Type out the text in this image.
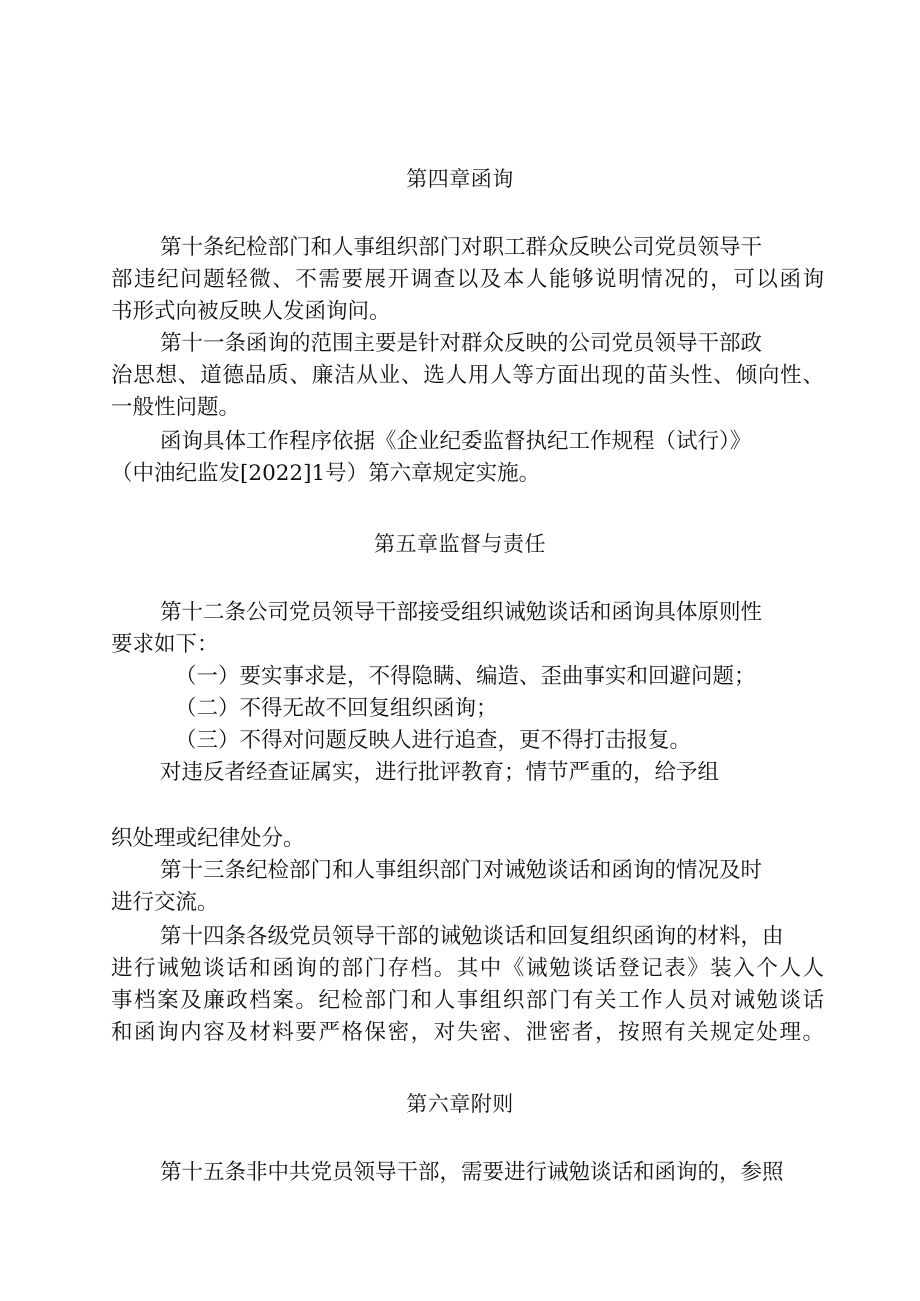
第四章函询
第十条纪检部门和人事组织部门对职工群众反映公司党员领导干
部违纪问题轻微、不需要展开调查以及本人能够说明情况的，可以函询
书形式向被反映人发函询问。
第十一条函询的范围主要是针对群众反映的公司党员领导干部政
治思想、道德品质、廉洁从业、选人用人等方面出现的苗头性、倾向性、
一般性问题。
函询具体工作程序依据《企业纪委监督执纪工作规程（试行）》
（中油纪监发[2022]1号）第六章规定实施。
第五章监督与责任
第十二条公司党员领导干部接受组织诫勉谈话和函询具体原则性
要求如下：
（一）要实事求是，不得隐瞒、编造、歪曲事实和回避问题；
（二）不得无故不回复组织函询；
（三）不得对问题反映人进行追查，更不得打击报复。
对违反者经查证属实，进行批评教育；情节严重的，给予组
织处理或纪律处分。
第十三条纪检部门和人事组织部门对诫勉谈话和函询的情况及时
进行交流。
第十四条各级党员领导干部的诫勉谈话和回复组织函询的材料，由
进行诫勉谈话和函询的部门存档。其中《诫勉谈话登记表》装入个人人
事档案及廉政档案。纪检部门和人事组织部门有关工作人员对诫勉谈话
和函询内容及材料要严格保密，对失密、泄密者，按照有关规定处理。
第六章附则
第十五条非中共党员领导干部，需要进行诫勉谈话和函询的，参照
